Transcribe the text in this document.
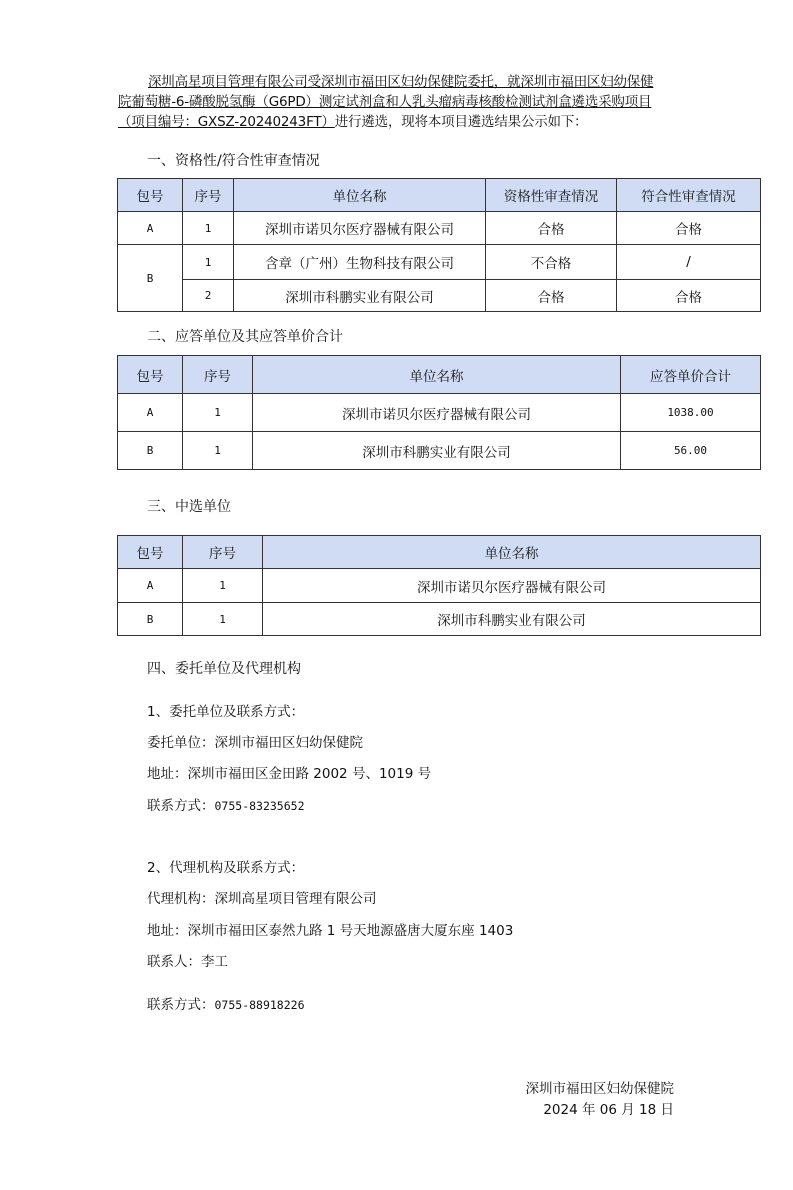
深圳高星项目管理有限公司受深圳市福田区妇幼保健院委托，就深圳市福田区妇幼保健
院葡萄糖-6-磷酸脱氢酶（G6PD）测定试剂盒和人乳头瘤病毒核酸检测试剂盒遴选采购项目
（项目编号：GXSZ-20240243FT）进行遴选，现将本项目遴选结果公示如下：
一、资格性/符合性审查情况
包号	序号	单位名称	资格性审查情况	符合性审查情况
A	1	深圳市诺贝尔医疗器械有限公司	合格	合格
B	1	含章（广州）生物科技有限公司	不合格	/
	2	深圳市科鹏实业有限公司	合格	合格
二、应答单位及其应答单价合计
包号	序号	单位名称	应答单价合计
A	1	深圳市诺贝尔医疗器械有限公司	1038.00
B	1	深圳市科鹏实业有限公司	56.00
三、中选单位
包号	序号	单位名称
A	1	深圳市诺贝尔医疗器械有限公司
B	1	深圳市科鹏实业有限公司
四、委托单位及代理机构
1、委托单位及联系方式：
委托单位：深圳市福田区妇幼保健院
地址：深圳市福田区金田路 2002 号、1019 号
联系方式：0755-83235652
2、代理机构及联系方式：
代理机构：深圳高星项目管理有限公司
地址：深圳市福田区泰然九路 1 号天地源盛唐大厦东座 1403
联系人：李工
联系方式：0755-88918226
深圳市福田区妇幼保健院
2024 年 06 月 18 日
